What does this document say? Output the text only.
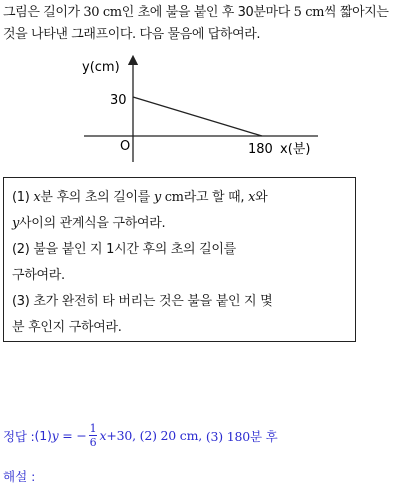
그림은 길이가 30 cm인 초에 불을 붙인 후 30분마다 5 cm씩 짧아지는 것을 나타낸 그래프이다. 다음 물음에 답하여라.
y(cm)
30
O	180 x(분)
(1) x분 후의 초의 길이를 y cm라고 할 때, x와
y사이의 관계식을 구하여라.
(2) 불을 붙인 지 1시간 후의 초의 길이를
구하여라.
(3) 초가 완전히 타 버리는 것은 불을 붙인 지 몇
분 후인지 구하여라.
정답 : (1) y = − $\frac{1}{6}$ x +30, (2) 20 cm, (3) 180분 후
해설 :
